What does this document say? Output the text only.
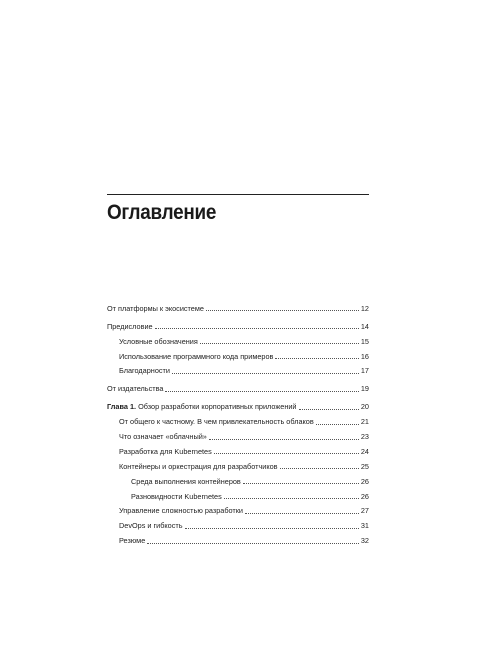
Оглавление
От платформы к экосистеме	12
Предисловие	14
Условные обозначения	15
Использование программного кода примеров	16
Благодарности	17
От издательства	19
Глава 1. Обзор разработки корпоративных приложений	20
От общего к частному. В чем привлекательность облаков	21
Что означает «облачный»	23
Разработка для Kubernetes	24
Контейнеры и оркестрация для разработчиков	25
Среда выполнения контейнеров	26
Разновидности Kubernetes	26
Управление сложностью разработки	27
DevOps и гибкость	31
Резюме	32
